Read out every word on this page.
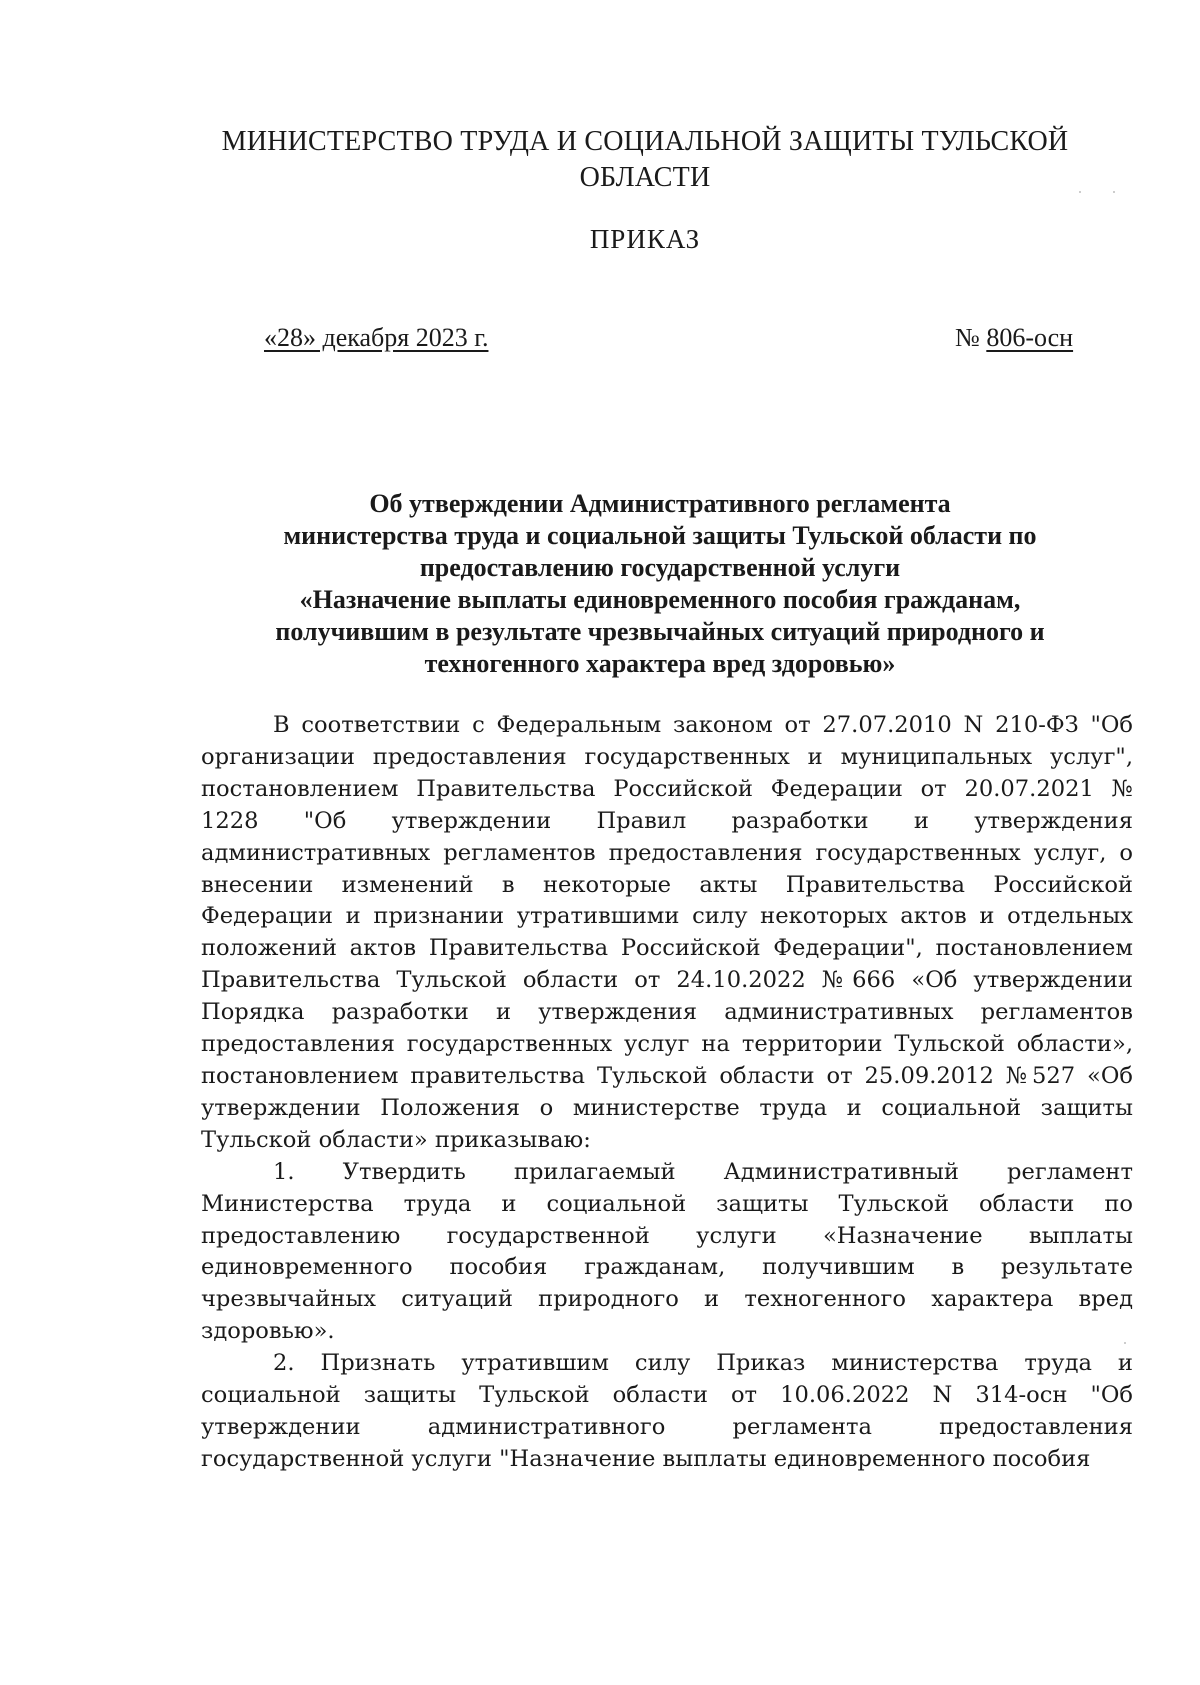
МИНИСТЕРСТВО ТРУДА И СОЦИАЛЬНОЙ ЗАЩИТЫ ТУЛЬСКОЙ
ОБЛАСТИ
ПРИКАЗ
«28» декабря 2023 г.	№ 806-осн
Об утверждении Административного регламента
министерства труда и социальной защиты Тульской области по
предоставлению государственной услуги
«Назначение выплаты единовременного пособия гражданам,
получившим в результате чрезвычайных ситуаций природного и
техногенного характера вред здоровью»

В соответствии с Федеральным законом от 27.07.2010 N 210-ФЗ "Об организации предоставления государственных и муниципальных услуг", постановлением Правительства Российской Федерации от 20.07.2021 № 1228 "Об утверждении Правил разработки и утверждения административных регламентов предоставления государственных услуг, о внесении изменений в некоторые акты Правительства Российской Федерации и признании утратившими силу некоторых актов и отдельных положений актов Правительства Российской Федерации", постановлением Правительства Тульской области от 24.10.2022 №666 «Об утверждении Порядка разработки и утверждения административных регламентов предоставления государственных услуг на территории Тульской области», постановлением правительства Тульской области от 25.09.2012 №527 «Об утверждении Положения о министерстве труда и социальной защиты Тульской области» приказываю:

1. Утвердить прилагаемый Административный регламент Министерства труда и социальной защиты Тульской области по предоставлению государственной услуги «Назначение выплаты единовременного пособия гражданам, получившим в результате чрезвычайных ситуаций природного и техногенного характера вред здоровью».

2. Признать утратившим силу Приказ министерства труда и социальной защиты Тульской области от 10.06.2022 N 314-осн "Об утверждении административного регламента предоставления государственной услуги "Назначение выплаты единовременного пособия
